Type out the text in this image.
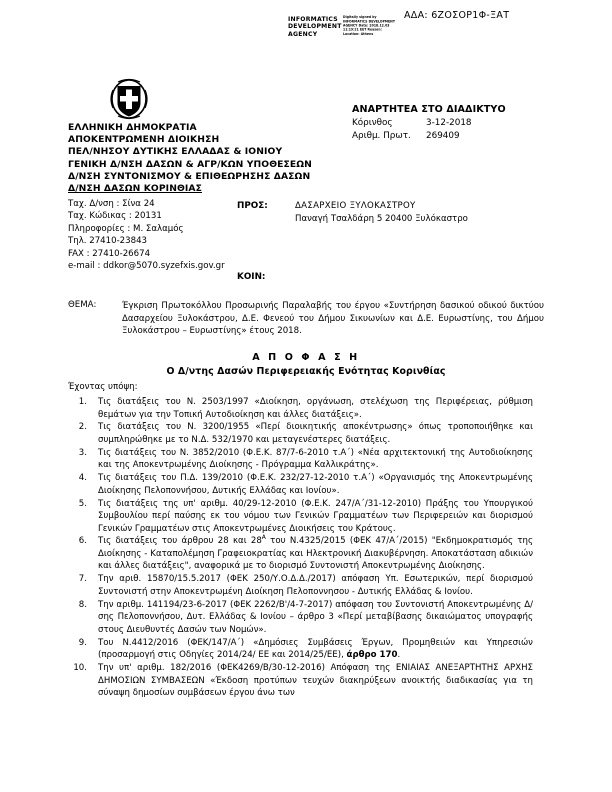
INFORMATICS DEVELOPMENT AGENCY
Digitally signed by INFORMATICS DEVELOPMENT AGENCY Date: 2018.12.03 11:19:21 EET Reason: Location: Athens
ΑΔΑ: 6ΖΟΣΟΡ1Φ-ΞΑΤ
ΕΛΛΗΝΙΚΗ ΔΗΜΟΚΡΑΤΙΑ
ΑΠΟΚΕΝΤΡΩΜΕΝΗ ΔΙΟΙΚΗΣΗ
ΠΕΛ/ΝΗΣΟΥ ΔΥΤΙΚΗΣ ΕΛΛΑΔΑΣ & ΙΟΝΙΟΥ
ΓΕΝΙΚΗ Δ/ΝΣΗ ΔΑΣΩΝ & ΑΓΡ/ΚΩΝ ΥΠΟΘΕΣΕΩΝ
Δ/ΝΣΗ ΣΥΝΤΟΝΙΣΜΟΥ & ΕΠΙΘΕΩΡΗΣΗΣ ΔΑΣΩΝ
Δ/ΝΣΗ ΔΑΣΩΝ ΚΟΡΙΝΘΙΑΣ
Ταχ. Δ/νση : Σίνα 24
Ταχ. Κώδικας : 20131
Πληροφορίες : Μ. Σαλαμός
Τηλ. 27410-23843
FAX : 27410-26674
e-mail : ddkor@5070.syzefxis.gov.gr
ΑΝΑΡΤΗΤΕΑ ΣΤΟ ΔΙΑΔΙΚΤΥΟ
Κόρινθος	3-12-2018
Αριθμ. Πρωτ.	269409
ΠΡΟΣ:	ΔΑΣΑΡΧΕΙΟ ΞΥΛΟΚΑΣΤΡΟΥ
Παναγή Τσαλδάρη 5 20400 Ξυλόκαστρο
ΚΟΙΝ:
ΘΕΜΑ:	Έγκριση Πρωτοκόλλου Προσωρινής Παραλαβής του έργου «Συντήρηση δασικού οδικού δικτύου Δασαρχείου Ξυλοκάστρου, Δ.Ε. Φενεού του Δήμου Σικυωνίων και Δ.Ε. Ευρωστίνης, του Δήμου Ξυλοκάστρου – Ευρωστίνης» έτους 2018.
Α Π Ο Φ Α Σ Η
Ο Δ/ντης Δασών Περιφερειακής Ενότητας Κορινθίας
Έχοντας υπόψη:
1.	Τις διατάξεις του Ν. 2503/1997 «Διοίκηση, οργάνωση, στελέχωση της Περιφέρειας, ρύθμιση θεμάτων για την Τοπική Αυτοδιοίκηση και άλλες διατάξεις».
2.	Τις διατάξεις του Ν. 3200/1955 «Περί διοικητικής αποκέντρωσης» όπως τροποποιήθηκε και συμπληρώθηκε με το Ν.Δ. 532/1970 και μεταγενέστερες διατάξεις.
3.	Τις διατάξεις του Ν. 3852/2010 (Φ.Ε.Κ. 87/7-6-2010 τ.Α΄) «Νέα αρχιτεκτονική της Αυτοδιοίκησης και της Αποκεντρωμένης Διοίκησης - Πρόγραμμα Καλλικράτης».
4.	Τις διατάξεις του Π.Δ. 139/2010 (Φ.Ε.Κ. 232/27-12-2010 τ.Α΄) «Οργανισμός της Αποκεντρωμένης Διοίκησης Πελοποννήσου, Δυτικής Ελλάδας και Ιονίου».
5.	Τις διατάξεις της υπ' αριθμ. 40/29-12-2010 (Φ.Ε.Κ. 247/Α΄/31-12-2010) Πράξης του Υπουργικού Συμβουλίου περί παύσης εκ του νόμου των Γενικών Γραμματέων των Περιφερειών και διορισμού Γενικών Γραμματέων στις Αποκεντρωμένες Διοικήσεις του Κράτους.
6.	Τις διατάξεις του άρθρου 28 και $28^A$ του Ν.4325/2015 (ΦΕΚ 47/Α΄/2015) "Εκδημοκρατισμός της Διοίκησης - Καταπολέμηση Γραφειοκρατίας και Ηλεκτρονική Διακυβέρνηση. Αποκατάσταση αδικιών και άλλες διατάξεις", αναφορικά με το διορισμό Συντονιστή Αποκεντρωμένης Διοίκησης.
7.	Την αριθ. 15870/15.5.2017 (ΦΕΚ 250/Υ.Ο.Δ.Δ./2017) απόφαση Υπ. Εσωτερικών, περί διορισμού Συντονιστή στην Αποκεντρωμένη Διοίκηση Πελοποννησου - Δυτικής Ελλάδας & Ιονίου.
8.	Την αριθμ. 141194/23-6-2017 (ΦΕΚ 2262/Β'/4-7-2017) απόφαση του Συντονιστή Αποκεντρωμένης Δ/σης Πελοποννήσου, Δυτ. Ελλάδας & Ιονίου – άρθρο 3 «Περί μεταβίβασης δικαιώματος υπογραφής στους Διευθυντές Δασών των Νομών».
9.	Του Ν.4412/2016 (ΦΕΚ/147/Α΄) «Δημόσιες Συμβάσεις Έργων, Προμηθειών και Υπηρεσιών (προσαρμογή στις Οδηγίες 2014/24/ ΕΕ και 2014/25/ΕΕ), άρθρο 170.
10.	Την υπ' αριθμ. 182/2016 (ΦΕΚ4269/Β/30-12-2016) Απόφαση της ΕΝΙΑΙΑΣ ΑΝΕΞΑΡΤΗΤΗΣ ΑΡΧΗΣ ΔΗΜΟΣΙΩΝ ΣΥΜΒΑΣΕΩΝ «Έκδοση προτύπων τευχών διακηρύξεων ανοικτής διαδικασίας για τη σύναψη δημοσίων συμβάσεων έργου άνω των
